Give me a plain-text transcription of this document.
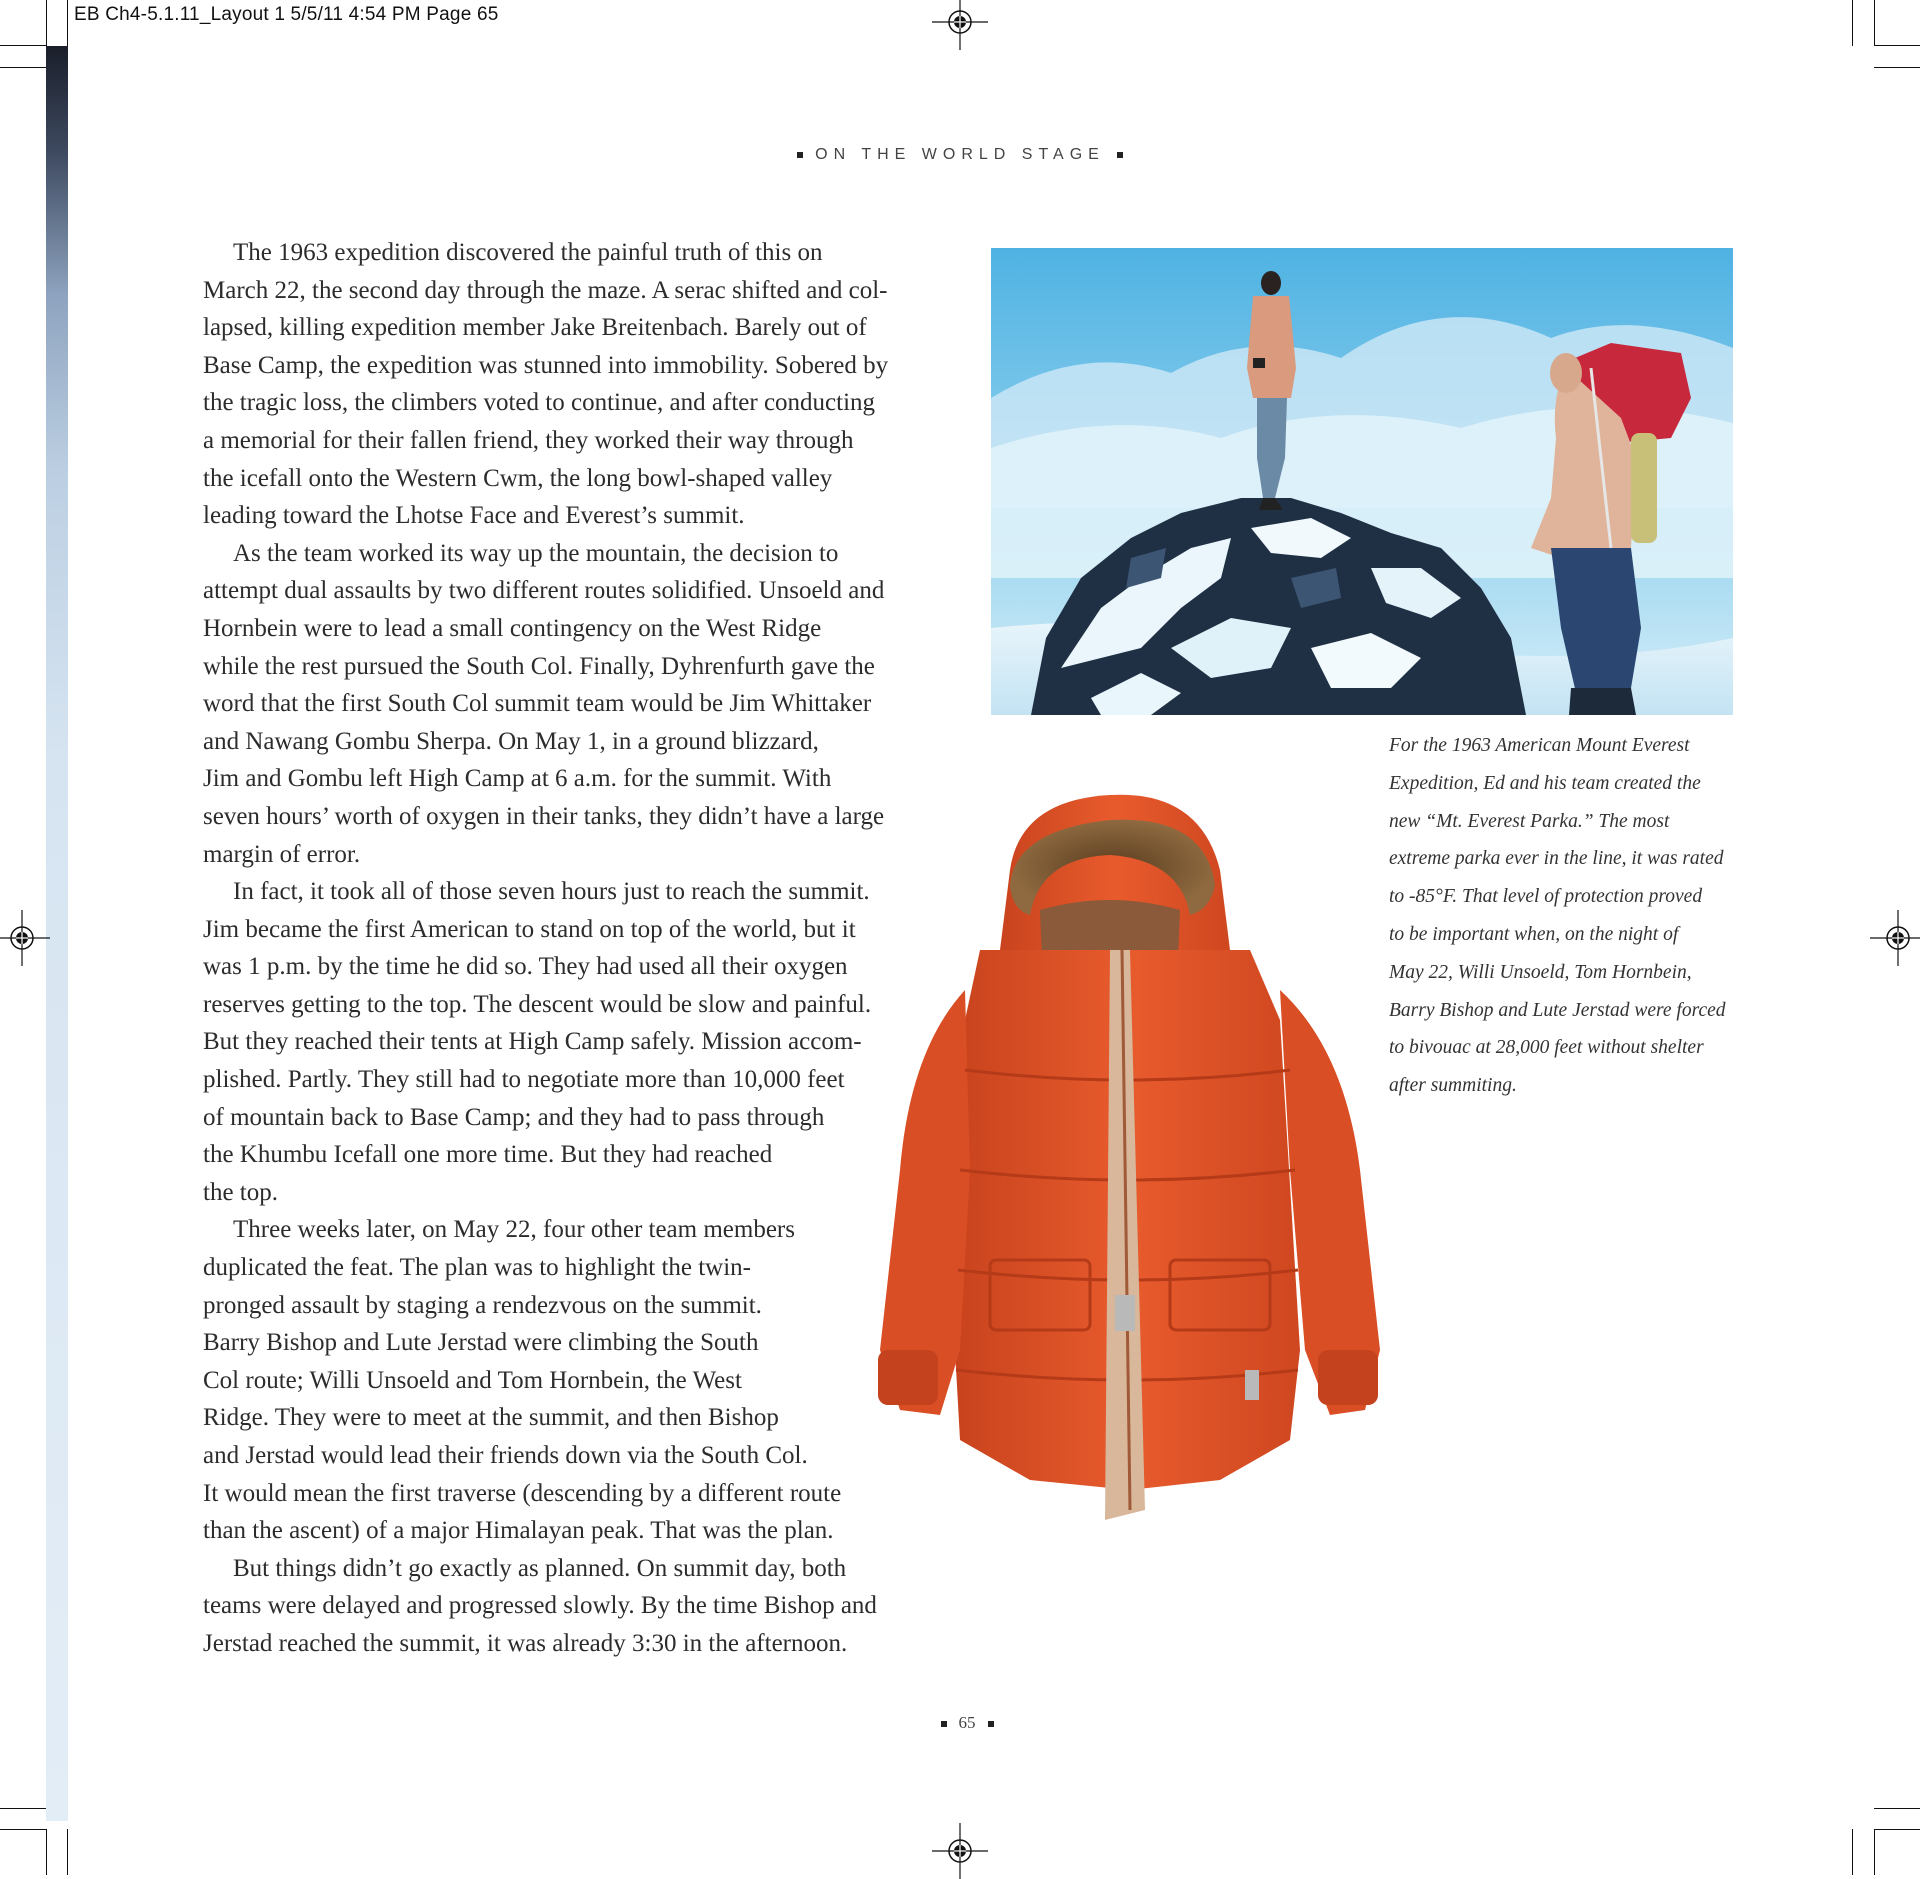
EB Ch4-5.1.11_Layout 1 5/5/11 4:54 PM Page 65
ON THE WORLD STAGE

The 1963 expedition discovered the painful truth of this on
March 22, the second day through the maze. A serac shifted and col-
lapsed, killing expedition member Jake Breitenbach. Barely out of
Base Camp, the expedition was stunned into immobility. Sobered by
the tragic loss, the climbers voted to continue, and after conducting
a memorial for their fallen friend, they worked their way through
the icefall onto the Western Cwm, the long bowl-shaped valley
leading toward the Lhotse Face and Everest’s summit.

As the team worked its way up the mountain, the decision to
attempt dual assaults by two different routes solidified. Unsoeld and
Hornbein were to lead a small contingency on the West Ridge
while the rest pursued the South Col. Finally, Dyhrenfurth gave the
word that the first South Col summit team would be Jim Whittaker
and Nawang Gombu Sherpa. On May 1, in a ground blizzard,
Jim and Gombu left High Camp at 6 a.m. for the summit. With
seven hours’ worth of oxygen in their tanks, they didn’t have a large
margin of error.

In fact, it took all of those seven hours just to reach the summit.
Jim became the first American to stand on top of the world, but it
was 1 p.m. by the time he did so. They had used all their oxygen
reserves getting to the top. The descent would be slow and painful.
But they reached their tents at High Camp safely. Mission accom-
plished. Partly. They still had to negotiate more than 10,000 feet
of mountain back to Base Camp; and they had to pass through
the Khumbu Icefall one more time. But they had reached
the top.

Three weeks later, on May 22, four other team members
duplicated the feat. The plan was to highlight the twin-
pronged assault by staging a rendezvous on the summit.
Barry Bishop and Lute Jerstad were climbing the South
Col route; Willi Unsoeld and Tom Hornbein, the West
Ridge. They were to meet at the summit, and then Bishop
and Jerstad would lead their friends down via the South Col.
It would mean the first traverse (descending by a different route
than the ascent) of a major Himalayan peak. That was the plan.

But things didn’t go exactly as planned. On summit day, both
teams were delayed and progressed slowly. By the time Bishop and
Jerstad reached the summit, it was already 3:30 in the afternoon.

For the 1963 American Mount Everest
Expedition, Ed and his team created the
new “Mt. Everest Parka.” The most
extreme parka ever in the line, it was rated
to -85°F. That level of protection proved
to be important when, on the night of
May 22, Willi Unsoeld, Tom Hornbein,
Barry Bishop and Lute Jerstad were forced
to bivouac at 28,000 feet without shelter
after summiting.
65
